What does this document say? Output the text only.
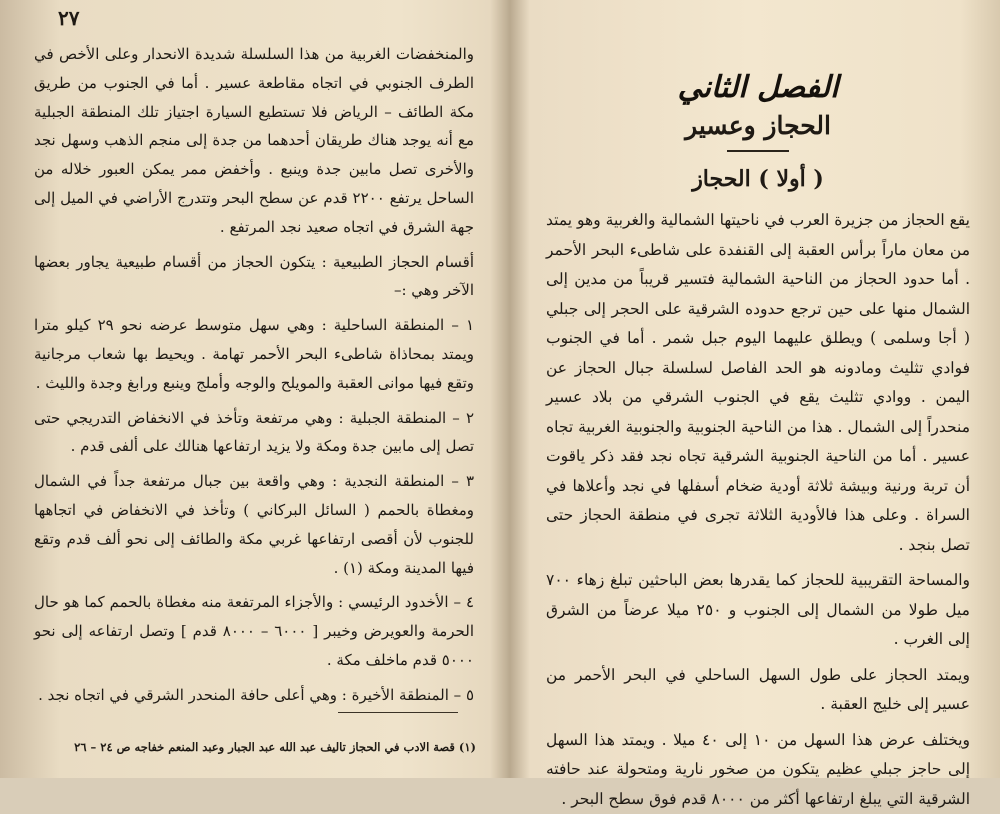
٢٧

والمنخفضات الغربية من هذا السلسلة شديدة الانحدار وعلى الأخص في الطرف الجنوبي في اتجاه مقاطعة عسير . أما في الجنوب من طريق مكة الطائف – الرياض فلا تستطيع السيارة اجتياز تلك المنطقة الجبلية مع أنه يوجد هناك طريقان أحدهما من جدة إلى منجم الذهب وسهل نجد والأخرى تصل مابين جدة وينبع . وأخفض ممر يمكن العبور خلاله من الساحل يرتفع ٢٢٠٠ قدم عن سطح البحر وتتدرج الأراضي في الميل إلى جهة الشرق في اتجاه صعيد نجد المرتفع .

أقسام الحجاز الطبيعية : يتكون الحجاز من أقسام طبيعية يجاور بعضها الآخر وهي :–

١ – المنطقة الساحلية : وهي سهل متوسط عرضه نحو ٢٩ كيلو مترا ويمتد بمحاذاة شاطىء البحر الأحمر تهامة . ويحيط بها شعاب مرجانية وتقع فيها موانى العقبة والمويلح والوجه وأملج وينبع ورابغ وجدة والليث .

٢ – المنطقة الجبلية : وهي مرتفعة وتأخذ في الانخفاض التدريجي حتى تصل إلى مابين جدة ومكة ولا يزيد ارتفاعها هنالك على ألفى قدم .

٣ – المنطقة النجدية : وهي واقعة بين جبال مرتفعة جداً في الشمال ومغطاة بالحمم ( السائل البركاني ) وتأخذ في الانخفاض في اتجاهها للجنوب لأن أقصى ارتفاعها غربي مكة والطائف إلى نحو ألف قدم وتقع فيها المدينة ومكة (١) .

٤ – الأخدود الرئيسي : والأجزاء المرتفعة منه مغطاة بالحمم كما هو حال الحرمة والعويرض وخيبر [ ٦٠٠٠ – ٨٠٠٠ قدم ] وتصل ارتفاعه إلى نحو ٥٠٠٠ قدم ماخلف مكة .

٥ – المنطقة الأخيرة : وهي أعلى حافة المنحدر الشرقي في اتجاه نجد .

(١) قصة الادب في الحجاز تاليف عبد الله عبد الجبار وعبد المنعم خفاجه ص ٢٤ – ٢٦
الفصل الثاني
الحجاز وعسير
( أولا ) الحجاز

يقع الحجاز من جزيرة العرب في ناحيتها الشمالية والغربية وهو يمتد من معان ماراً برأس العقبة إلى القنفدة على شاطىء البحر الأحمر . أما حدود الحجاز من الناحية الشمالية فتسير قريباً من مدين إلى الشمال منها على حين ترجع حدوده الشرقية على الحجر إلى جبلي ( أجا وسلمى ) ويطلق عليهما اليوم جبل شمر . أما في الجنوب فوادي تثليث ومادونه هو الحد الفاصل لسلسلة جبال الحجاز عن اليمن . ووادي تثليث يقع في الجنوب الشرقي من بلاد عسير منحدراً إلى الشمال . هذا من الناحية الجنوبية والجنوبية الغربية تجاه عسير . أما من الناحية الجنوبية الشرقية تجاه نجد فقد ذكر ياقوت أن تربة ورنية وبيشة ثلاثة أودية ضخام أسفلها في نجد وأعلاها في السراة . وعلى هذا فالأودية الثلاثة تجرى في منطقة الحجاز حتى تصل بنجد .

والمساحة التقريبية للحجاز كما يقدرها بعض الباحثين تبلغ زهاء ٧٠٠ ميل طولا من الشمال إلى الجنوب و ٢٥٠ ميلا عرضاً من الشرق إلى الغرب .

ويمتد الحجاز على طول السهل الساحلي في البحر الأحمر من عسير إلى خليج العقبة .

ويختلف عرض هذا السهل من ١٠ إلى ٤٠ ميلا . ويمتد هذا السهل إلى حاجز جبلي عظيم يتكون من صخور نارية ومتحولة عند حافته الشرقية التي يبلغ ارتفاعها أكثر من ٨٠٠٠ قدم فوق سطح البحر .
